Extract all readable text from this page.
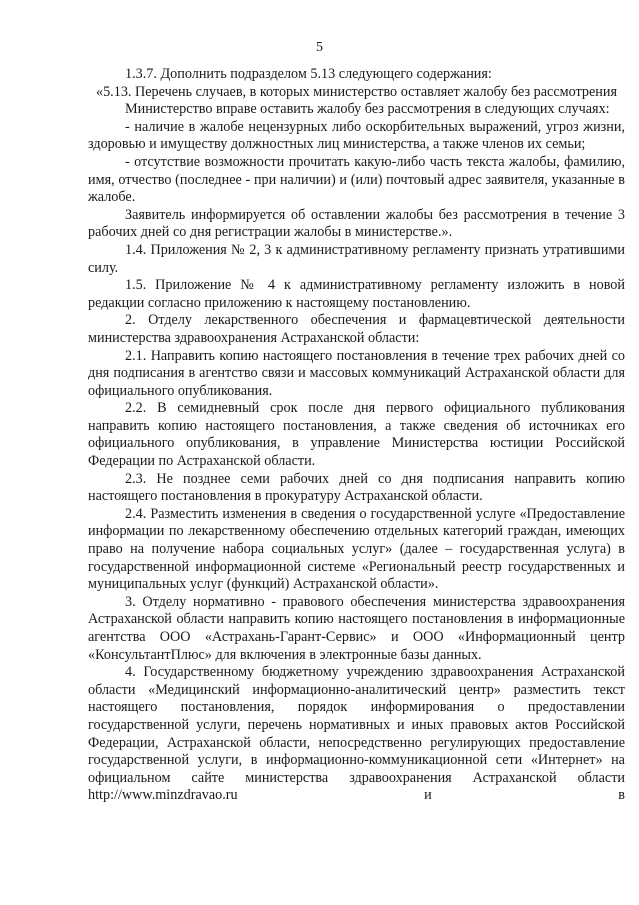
5

1.3.7. Дополнить подразделом 5.13 следующего содержания:

«5.13. Перечень случаев, в которых министерство оставляет жалобу без рассмотрения

Министерство вправе оставить жалобу без рассмотрения в следующих случаях:

- наличие в жалобе нецензурных либо оскорбительных выражений, угроз жизни, здоровью и имуществу должностных лиц министерства, а также членов их семьи;

- отсутствие возможности прочитать какую-либо часть текста жалобы, фамилию, имя, отчество (последнее - при наличии) и (или) почтовый адрес заявителя, указанные в жалобе.

Заявитель информируется об оставлении жалобы без рассмотрения в течение 3 рабочих дней со дня регистрации жалобы в министерстве.».

1.4. Приложения № 2, 3 к административному регламенту признать утратившими силу.

1.5. Приложение № 4 к административному регламенту изложить в новой редакции согласно приложению к настоящему постановлению.

2. Отделу лекарственного обеспечения и фармацевтической деятельности министерства здравоохранения Астраханской области:

2.1. Направить копию настоящего постановления в течение трех рабочих дней со дня подписания в агентство связи и массовых коммуникаций Астраханской области для официального опубликования.

2.2. В семидневный срок после дня первого официального публикования направить копию настоящего постановления, а также сведения об источниках его официального опубликования, в управление Министерства юстиции Российской Федерации по Астраханской области.

2.3. Не позднее семи рабочих дней со дня подписания направить копию настоящего постановления в прокуратуру Астраханской области.

2.4. Разместить изменения в сведения о государственной услуге «Предоставление информации по лекарственному обеспечению отдельных категорий граждан, имеющих право на получение набора социальных услуг» (далее – государственная услуга) в государственной информационной системе «Региональный реестр государственных и муниципальных услуг (функций) Астраханской области».

3. Отделу нормативно - правового обеспечения министерства здравоохранения Астраханской области направить копию настоящего постановления в информационные агентства ООО «Астрахань-Гарант-Сервис» и ООО «Информационный центр «КонсультантПлюс» для включения в электронные базы данных.

4. Государственному бюджетному учреждению здравоохранения Астраханской области «Медицинский информационно-аналитический центр» разместить текст настоящего постановления, порядок информирования о предоставлении государственной услуги, перечень нормативных и иных правовых актов Российской Федерации, Астраханской области, непосредственно регулирующих предоставление государственной услуги, в информационно-коммуникационной сети «Интернет» на официальном сайте министерства здравоохранения Астраханской области http://www.minzdravao.ru и в
